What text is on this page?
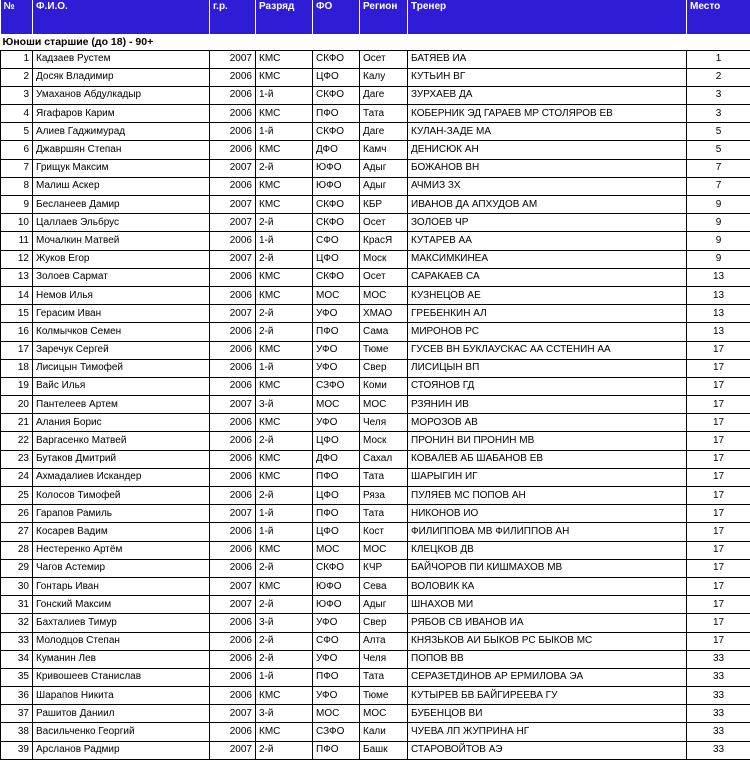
№	Ф.И.О.	г.р.	Разряд	ФО	Регион	Тренер	Место
Юноши старшие (до 18) - 90+							
1	Кадзаев Рустем	2007	КМС	СКФО	Осет	БАТЯЕВ ИА	1
2	Досяк Владимир	2006	КМС	ЦФО	Калу	КУТЬИН ВГ	2
3	Умаханов Абдулкадыр	2006	1-й	СКФО	Даге	ЗУРХАЕВ ДА	3
4	Ягафаров Карим	2006	КМС	ПФО	Тата	КОБЕРНИК ЭД ГАРАЕВ МР СТОЛЯРОВ ЕВ	3
5	Алиев Гаджимурад	2006	1-й	СКФО	Даге	КУЛАН-ЗАДЕ МА	5
6	Джавршян Степан	2006	КМС	ДФО	Камч	ДЕНИСЮК АН	5
7	Грищук Максим	2007	2-й	ЮФО	Адыг	БОЖАНОВ ВН	7
8	Малиш Аскер	2006	КМС	ЮФО	Адыг	АЧМИЗ ЗХ	7
9	Бесланеев Дамир	2007	КМС	СКФО	КБР	ИВАНОВ ДА АПХУДОВ АМ	9
10	Цаллаев Эльбрус	2007	2-й	СКФО	Осет	ЗОЛОЕВ ЧР	9
11	Мочалкин Матвей	2006	1-й	СФО	КрасЯ	КУТАРЕВ АА	9
12	Жуков Егор	2007	2-й	ЦФО	Моск	МАКСИМКИНЕА	9
13	Золоев Сармат	2006	КМС	СКФО	Осет	САРАКАЕВ СА	13
14	Немов Илья	2006	КМС	МОС	МОС	КУЗНЕЦОВ АЕ	13
15	Герасим Иван	2007	2-й	УФО	ХМАО	ГРЕБЕНКИН АЛ	13
16	Колмычков Семен	2006	2-й	ПФО	Сама	МИРОНОВ РС	13
17	Заречук Сергей	2006	КМС	УФО	Тюме	ГУСЕВ ВН БУКЛАУСКАС АА ССТЕНИН АА	17
18	Лисицын Тимофей	2006	1-й	УФО	Свер	ЛИСИЦЫН ВП	17
19	Вайс Илья	2006	КМС	СЗФО	Коми	СТОЯНОВ ГД	17
20	Пантелеев Артем	2007	3-й	МОС	МОС	РЗЯНИН ИВ	17
21	Алания Борис	2006	КМС	УФО	Челя	МОРОЗОВ АВ	17
22	Варгасенко Матвей	2006	2-й	ЦФО	Моск	ПРОНИН ВИ ПРОНИН МВ	17
23	Бутаков Дмитрий	2006	КМС	ДФО	Сахал	КОВАЛЕВ АБ ШАБАНОВ ЕВ	17
24	Ахмадалиев Искандер	2006	КМС	ПФО	Тата	ШАРЫГИН ИГ	17
25	Колосов Тимофей	2006	2-й	ЦФО	Ряза	ПУЛЯЕВ МС ПОПОВ АН	17
26	Гарапов Рамиль	2007	1-й	ПФО	Тата	НИКОНОВ ИО	17
27	Косарев Вадим	2006	1-й	ЦФО	Кост	ФИЛИППОВА МВ ФИЛИППОВ АН	17
28	Нестеренко Артём	2006	КМС	МОС	МОС	КЛЕЦКОВ ДВ	17
29	Чагов Астемир	2006	2-й	СКФО	КЧР	БАЙЧОРОВ ПИ КИШМАХОВ МВ	17
30	Гонтарь Иван	2007	КМС	ЮФО	Сева	ВОЛОВИК КА	17
31	Гонский Максим	2007	2-й	ЮФО	Адыг	ШНАХОВ МИ	17
32	Бахталиев Тимур	2006	3-й	УФО	Свер	РЯБОВ СВ ИВАНОВ ИА	17
33	Молодцов Степан	2006	2-й	СФО	Алта	КНЯЗЬКОВ АИ БЫКОВ РС БЫКОВ МС	17
34	Куманин Лев	2006	2-й	УФО	Челя	ПОПОВ ВВ	33
35	Кривошеев Станислав	2006	1-й	ПФО	Тата	СЕРАЗЕТДИНОВ АР ЕРМИЛОВА ЭА	33
36	Шарапов Никита	2006	КМС	УФО	Тюме	КУТЫРЕВ БВ БАЙГИРЕЕВА ГУ	33
37	Рашитов Даниил	2007	3-й	МОС	МОС	БУБЕНЦОВ ВИ	33
38	Васильченко Георгий	2006	КМС	СЗФО	Кали	ЧУЕВА ЛП ЖУПРИНА НГ	33
39	Арсланов Радмир	2007	2-й	ПФО	Башк	СТАРОВОЙТОВ АЭ	33
